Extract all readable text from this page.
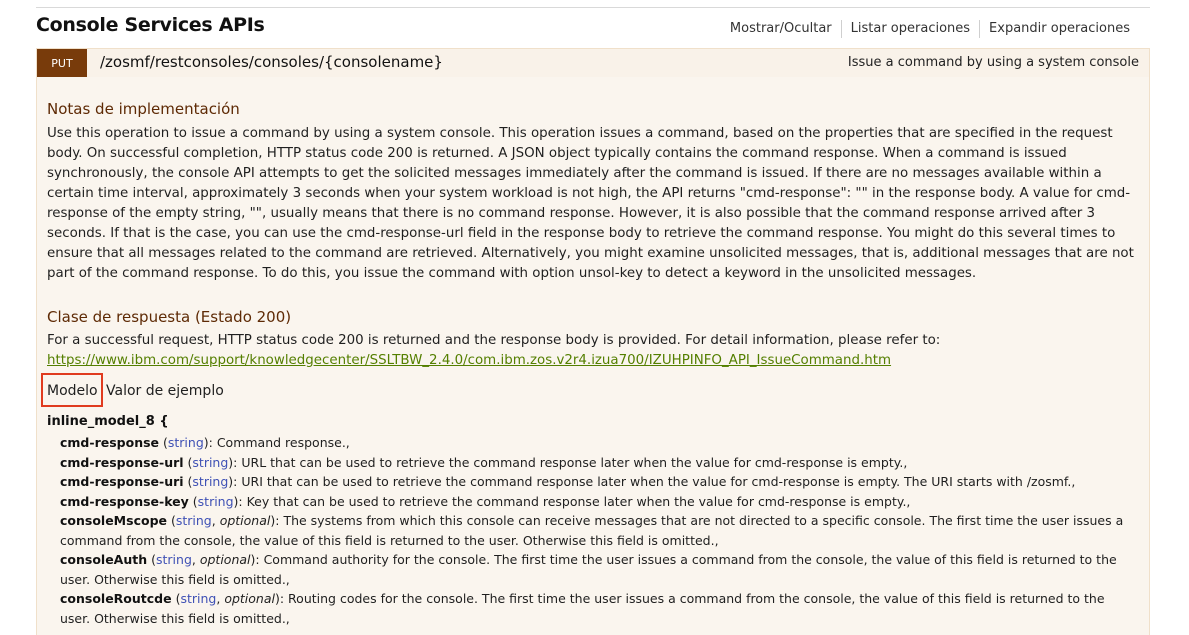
Console Services APIs	Mostrar/Ocultar	Listar operaciones	Expandir operaciones
PUT	/zosmf/restconsoles/consoles/{consolename}	Issue a command by using a system console
Notas de implementación
Use this operation to issue a command by using a system console. This operation issues a command, based on the properties that are specified in the request body. On successful completion, HTTP status code 200 is returned. A JSON object typically contains the command response. When a command is issued synchronously, the console API attempts to get the solicited messages immediately after the command is issued. If there are no messages available within a certain time interval, approximately 3 seconds when your system workload is not high, the API returns "cmd-response": "" in the response body. A value for cmd-response of the empty string, "", usually means that there is no command response. However, it is also possible that the command response arrived after 3 seconds. If that is the case, you can use the cmd-response-url field in the response body to retrieve the command response. You might do this several times to ensure that all messages related to the command are retrieved. Alternatively, you might examine unsolicited messages, that is, additional messages that are not part of the command response. To do this, you issue the command with option unsol-key to detect a keyword in the unsolicited messages.
Clase de respuesta (Estado 200)
For a successful request, HTTP status code 200 is returned and the response body is provided. For detail information, please refer to: https://www.ibm.com/support/knowledgecenter/SSLTBW_2.4.0/com.ibm.zos.v2r4.izua700/IZUHPINFO_API_IssueCommand.htm
Modelo Valor de ejemplo
inline_model_8 {
cmd-response (string): Command response.,
cmd-response-url (string): URL that can be used to retrieve the command response later when the value for cmd-response is empty.,
cmd-response-uri (string): URI that can be used to retrieve the command response later when the value for cmd-response is empty. The URI starts with /zosmf.,
cmd-response-key (string): Key that can be used to retrieve the command response later when the value for cmd-response is empty.,
consoleMscope (string, optional): The systems from which this console can receive messages that are not directed to a specific console. The first time the user issues a command from the console, the value of this field is returned to the user. Otherwise this field is omitted.,
consoleAuth (string, optional): Command authority for the console. The first time the user issues a command from the console, the value of this field is returned to the user. Otherwise this field is omitted.,
consoleRoutcde (string, optional): Routing codes for the console. The first time the user issues a command from the console, the value of this field is returned to the user. Otherwise this field is omitted.,
